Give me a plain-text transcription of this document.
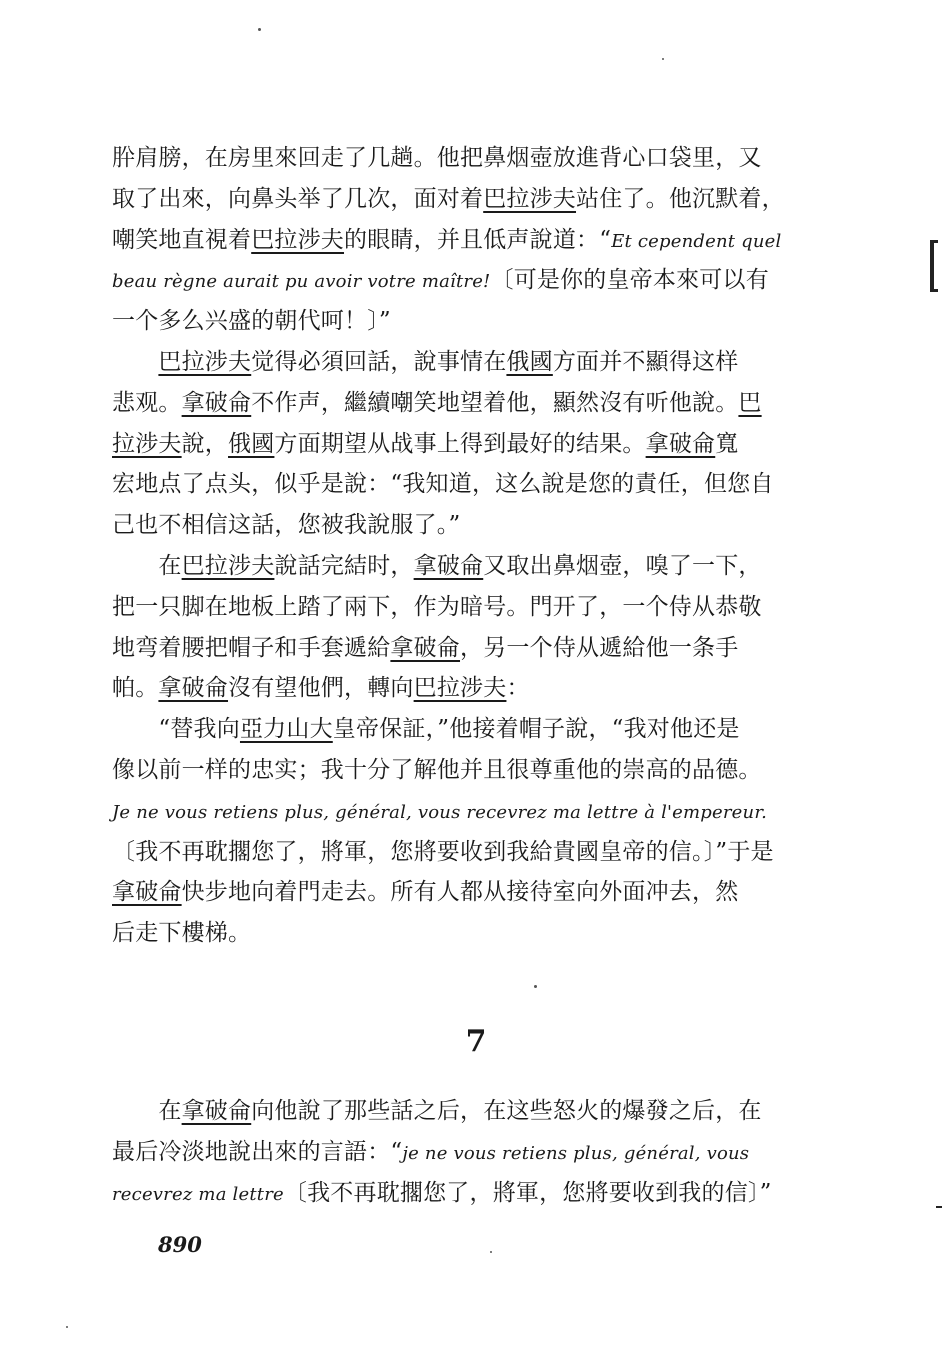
肸肩膀，在房里來回走了几趟。他把鼻烟壺放進背心口袋里，又
取了出來，向鼻头举了几次，面对着巴拉涉夫站住了。他沉默着，
嘲笑地直視着巴拉涉夫的眼睛，并且低声說道：“Et cependent quel
beau règne aurait pu avoir votre maître!〔可是你的皇帝本來可以有
一个多么兴盛的朝代呵！〕”
　　巴拉涉夫觉得必須回話，說事情在俄國方面并不顯得这样
悲观。拿破侖不作声，繼續嘲笑地望着他，顯然沒有听他說。巴
拉涉夫說，俄國方面期望从战事上得到最好的结果。拿破侖寬
宏地点了点头，似乎是說：“我知道，这么說是您的責任，但您自
己也不相信这話，您被我說服了。”
　　在巴拉涉夫說話完結时，拿破侖又取出鼻烟壺，嗅了一下，
把一只脚在地板上踏了兩下，作为暗号。門开了，一个侍从恭敬
地弯着腰把帽子和手套遞給拿破侖，另一个侍从遞給他一条手
帕。拿破侖沒有望他們，轉向巴拉涉夫：
　　“替我向亞力山大皇帝保証，”他接着帽子說，“我对他还是
像以前一样的忠实；我十分了解他并且很尊重他的崇高的品德。
Je ne vous retiens plus, général, vous recevrez ma lettre à l'empereur.
〔我不再耽擱您了，將軍，您將要收到我給貴國皇帝的信。〕”于是
拿破侖快步地向着門走去。所有人都从接待室向外面冲去，然
后走下樓梯。
7
　　在拿破侖向他說了那些話之后，在这些怒火的爆發之后，在
最后冷淡地說出來的言語：“je ne vous retiens plus, général, vous
recevrez ma lettre〔我不再耽擱您了，將軍，您將要收到我的信〕”
890
